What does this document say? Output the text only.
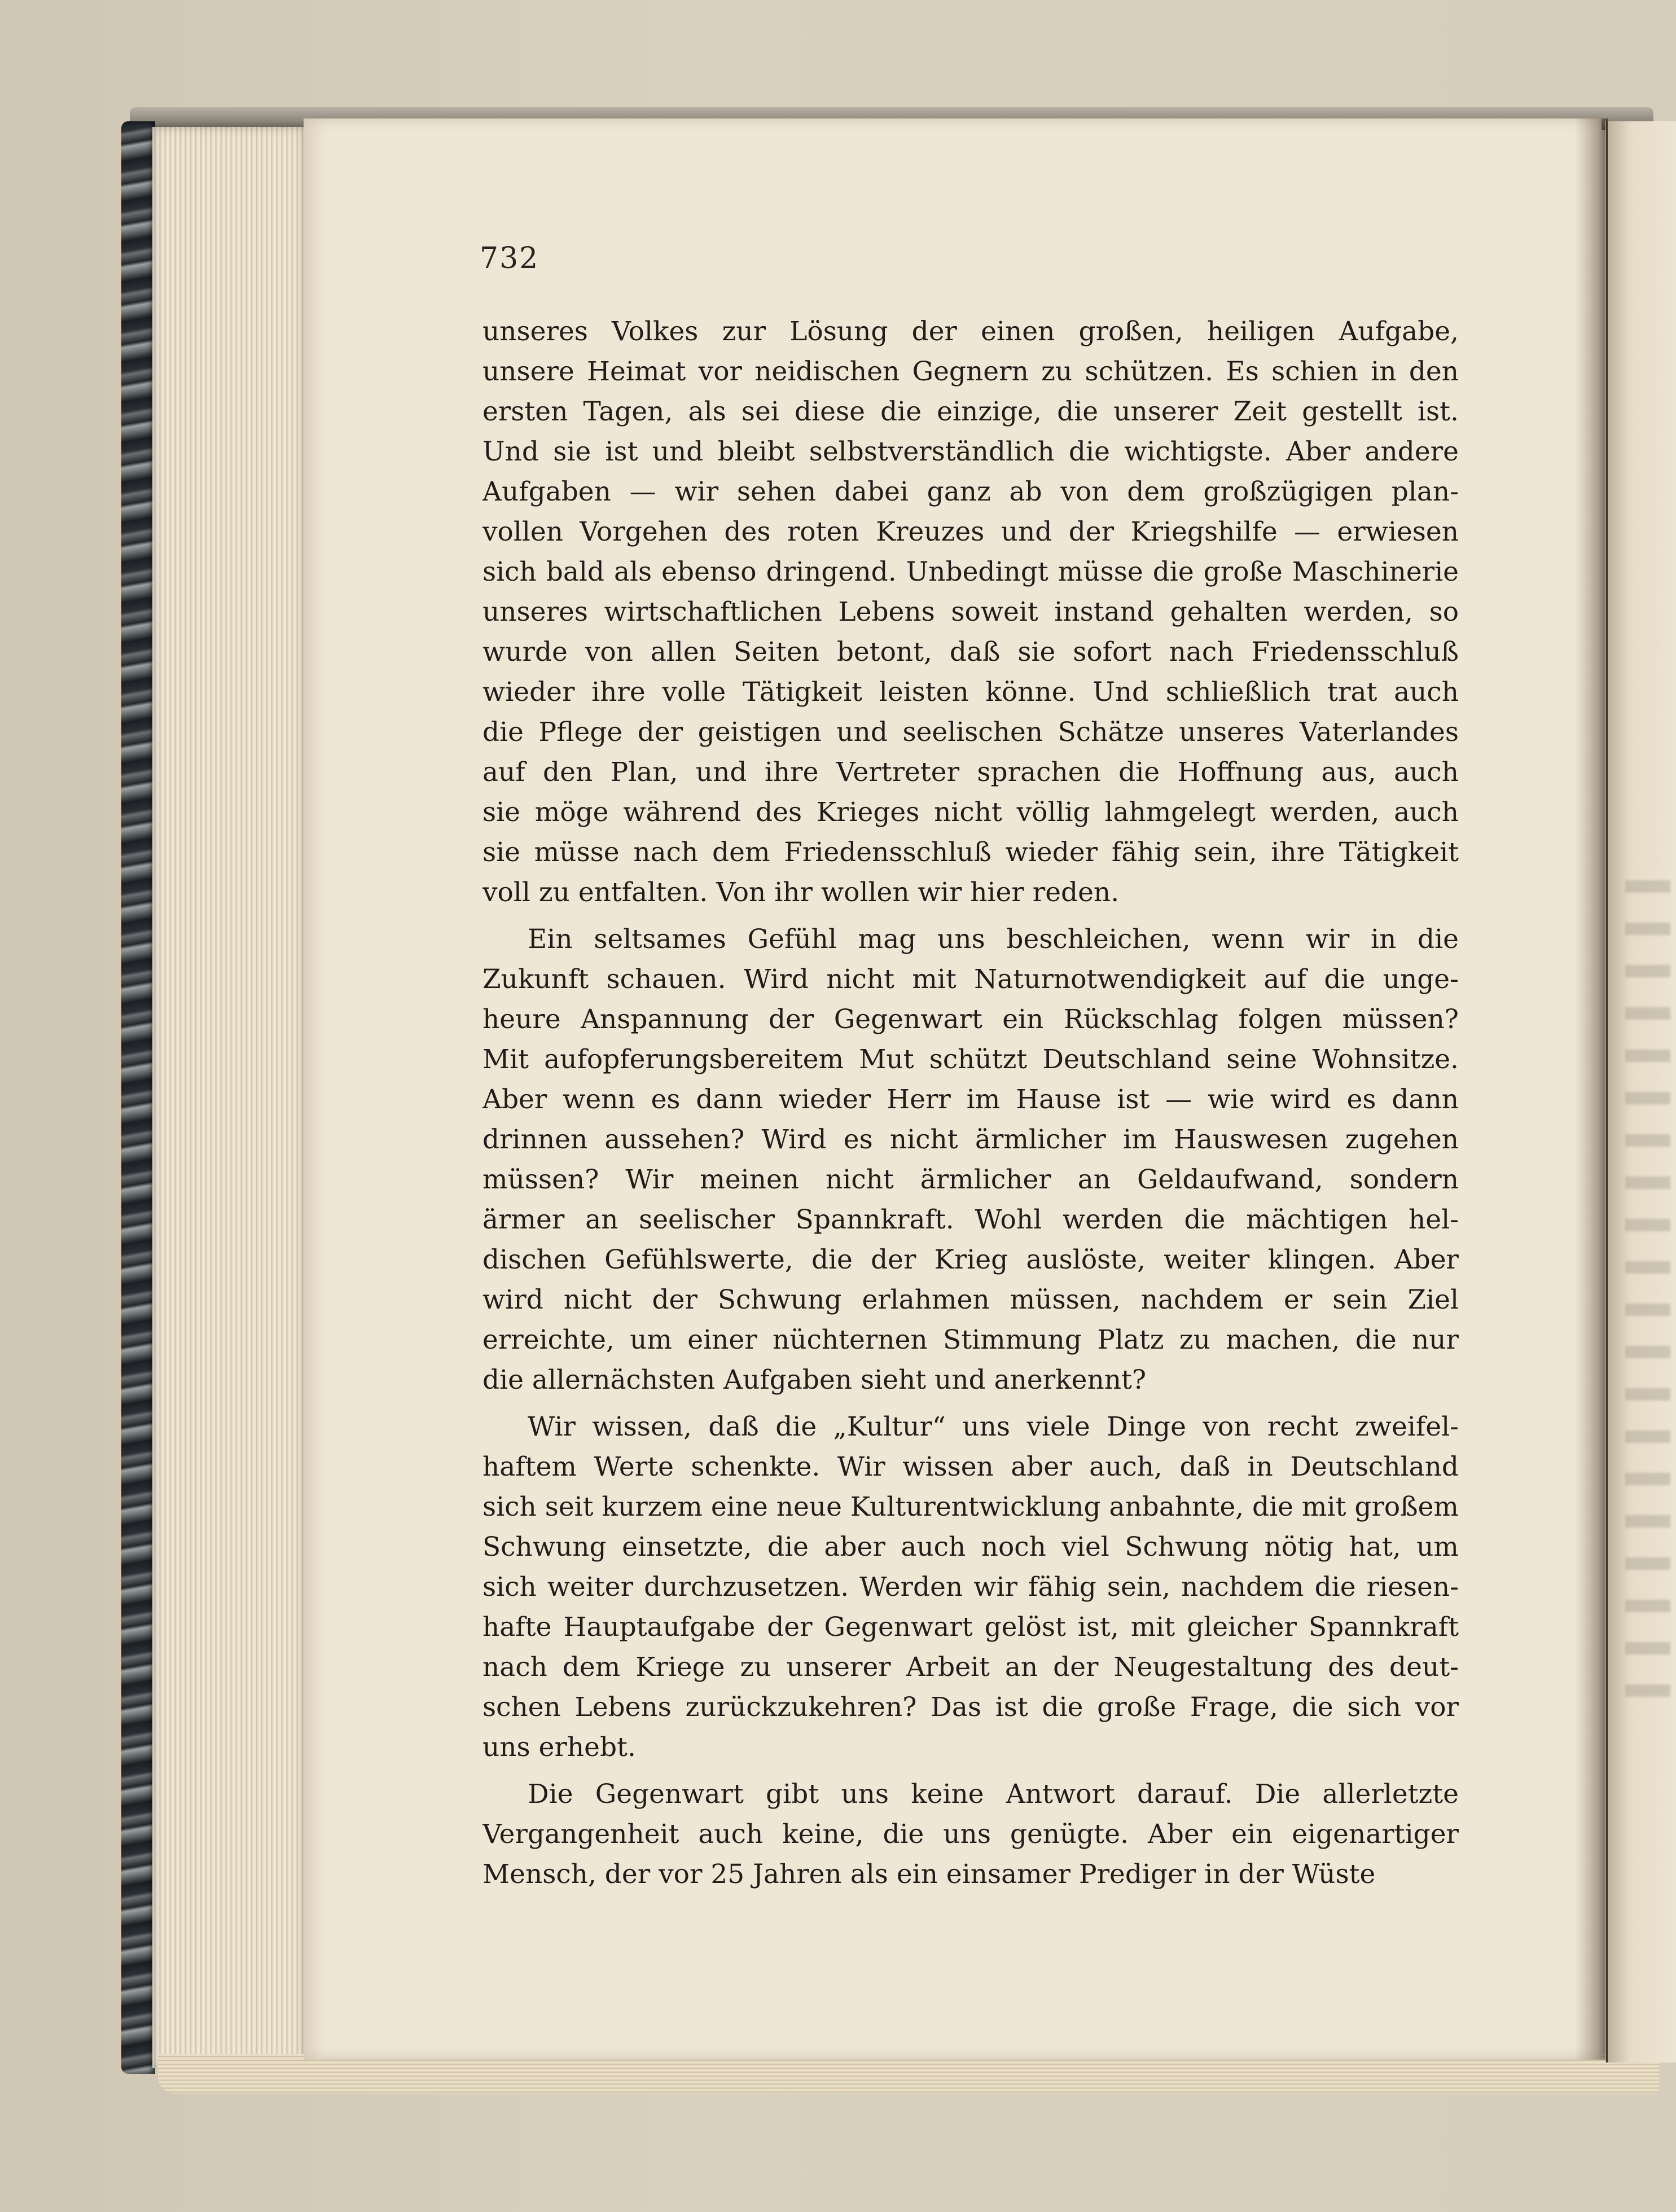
732
unseres Volkes zur Lösung der einen großen, heiligen Aufgabe,
unsere Heimat vor neidischen Gegnern zu schützen. Es schien in den
ersten Tagen, als sei diese die einzige, die unserer Zeit gestellt ist.
Und sie ist und bleibt selbstverständlich die wichtigste. Aber andere
Aufgaben — wir sehen dabei ganz ab von dem großzügigen plan-
vollen Vorgehen des roten Kreuzes und der Kriegshilfe — erwiesen
sich bald als ebenso dringend. Unbedingt müsse die große Maschinerie
unseres wirtschaftlichen Lebens soweit instand gehalten werden, so
wurde von allen Seiten betont, daß sie sofort nach Friedensschluß
wieder ihre volle Tätigkeit leisten könne. Und schließlich trat auch
die Pflege der geistigen und seelischen Schätze unseres Vaterlandes
auf den Plan, und ihre Vertreter sprachen die Hoffnung aus, auch
sie möge während des Krieges nicht völlig lahmgelegt werden, auch
sie müsse nach dem Friedensschluß wieder fähig sein, ihre Tätigkeit
voll zu entfalten. Von ihr wollen wir hier reden.
Ein seltsames Gefühl mag uns beschleichen, wenn wir in die
Zukunft schauen. Wird nicht mit Naturnotwendigkeit auf die unge-
heure Anspannung der Gegenwart ein Rückschlag folgen müssen?
Mit aufopferungsbereitem Mut schützt Deutschland seine Wohnsitze.
Aber wenn es dann wieder Herr im Hause ist — wie wird es dann
drinnen aussehen? Wird es nicht ärmlicher im Hauswesen zugehen
müssen? Wir meinen nicht ärmlicher an Geldaufwand, sondern
ärmer an seelischer Spannkraft. Wohl werden die mächtigen hel-
dischen Gefühlswerte, die der Krieg auslöste, weiter klingen. Aber
wird nicht der Schwung erlahmen müssen, nachdem er sein Ziel
erreichte, um einer nüchternen Stimmung Platz zu machen, die nur
die allernächsten Aufgaben sieht und anerkennt?
Wir wissen, daß die „Kultur“ uns viele Dinge von recht zweifel-
haftem Werte schenkte. Wir wissen aber auch, daß in Deutschland
sich seit kurzem eine neue Kulturentwicklung anbahnte, die mit großem
Schwung einsetzte, die aber auch noch viel Schwung nötig hat, um
sich weiter durchzusetzen. Werden wir fähig sein, nachdem die riesen-
hafte Hauptaufgabe der Gegenwart gelöst ist, mit gleicher Spannkraft
nach dem Kriege zu unserer Arbeit an der Neugestaltung des deut-
schen Lebens zurückzukehren? Das ist die große Frage, die sich vor
uns erhebt.
Die Gegenwart gibt uns keine Antwort darauf. Die allerletzte
Vergangenheit auch keine, die uns genügte. Aber ein eigenartiger
Mensch, der vor 25 Jahren als ein einsamer Prediger in der Wüste
